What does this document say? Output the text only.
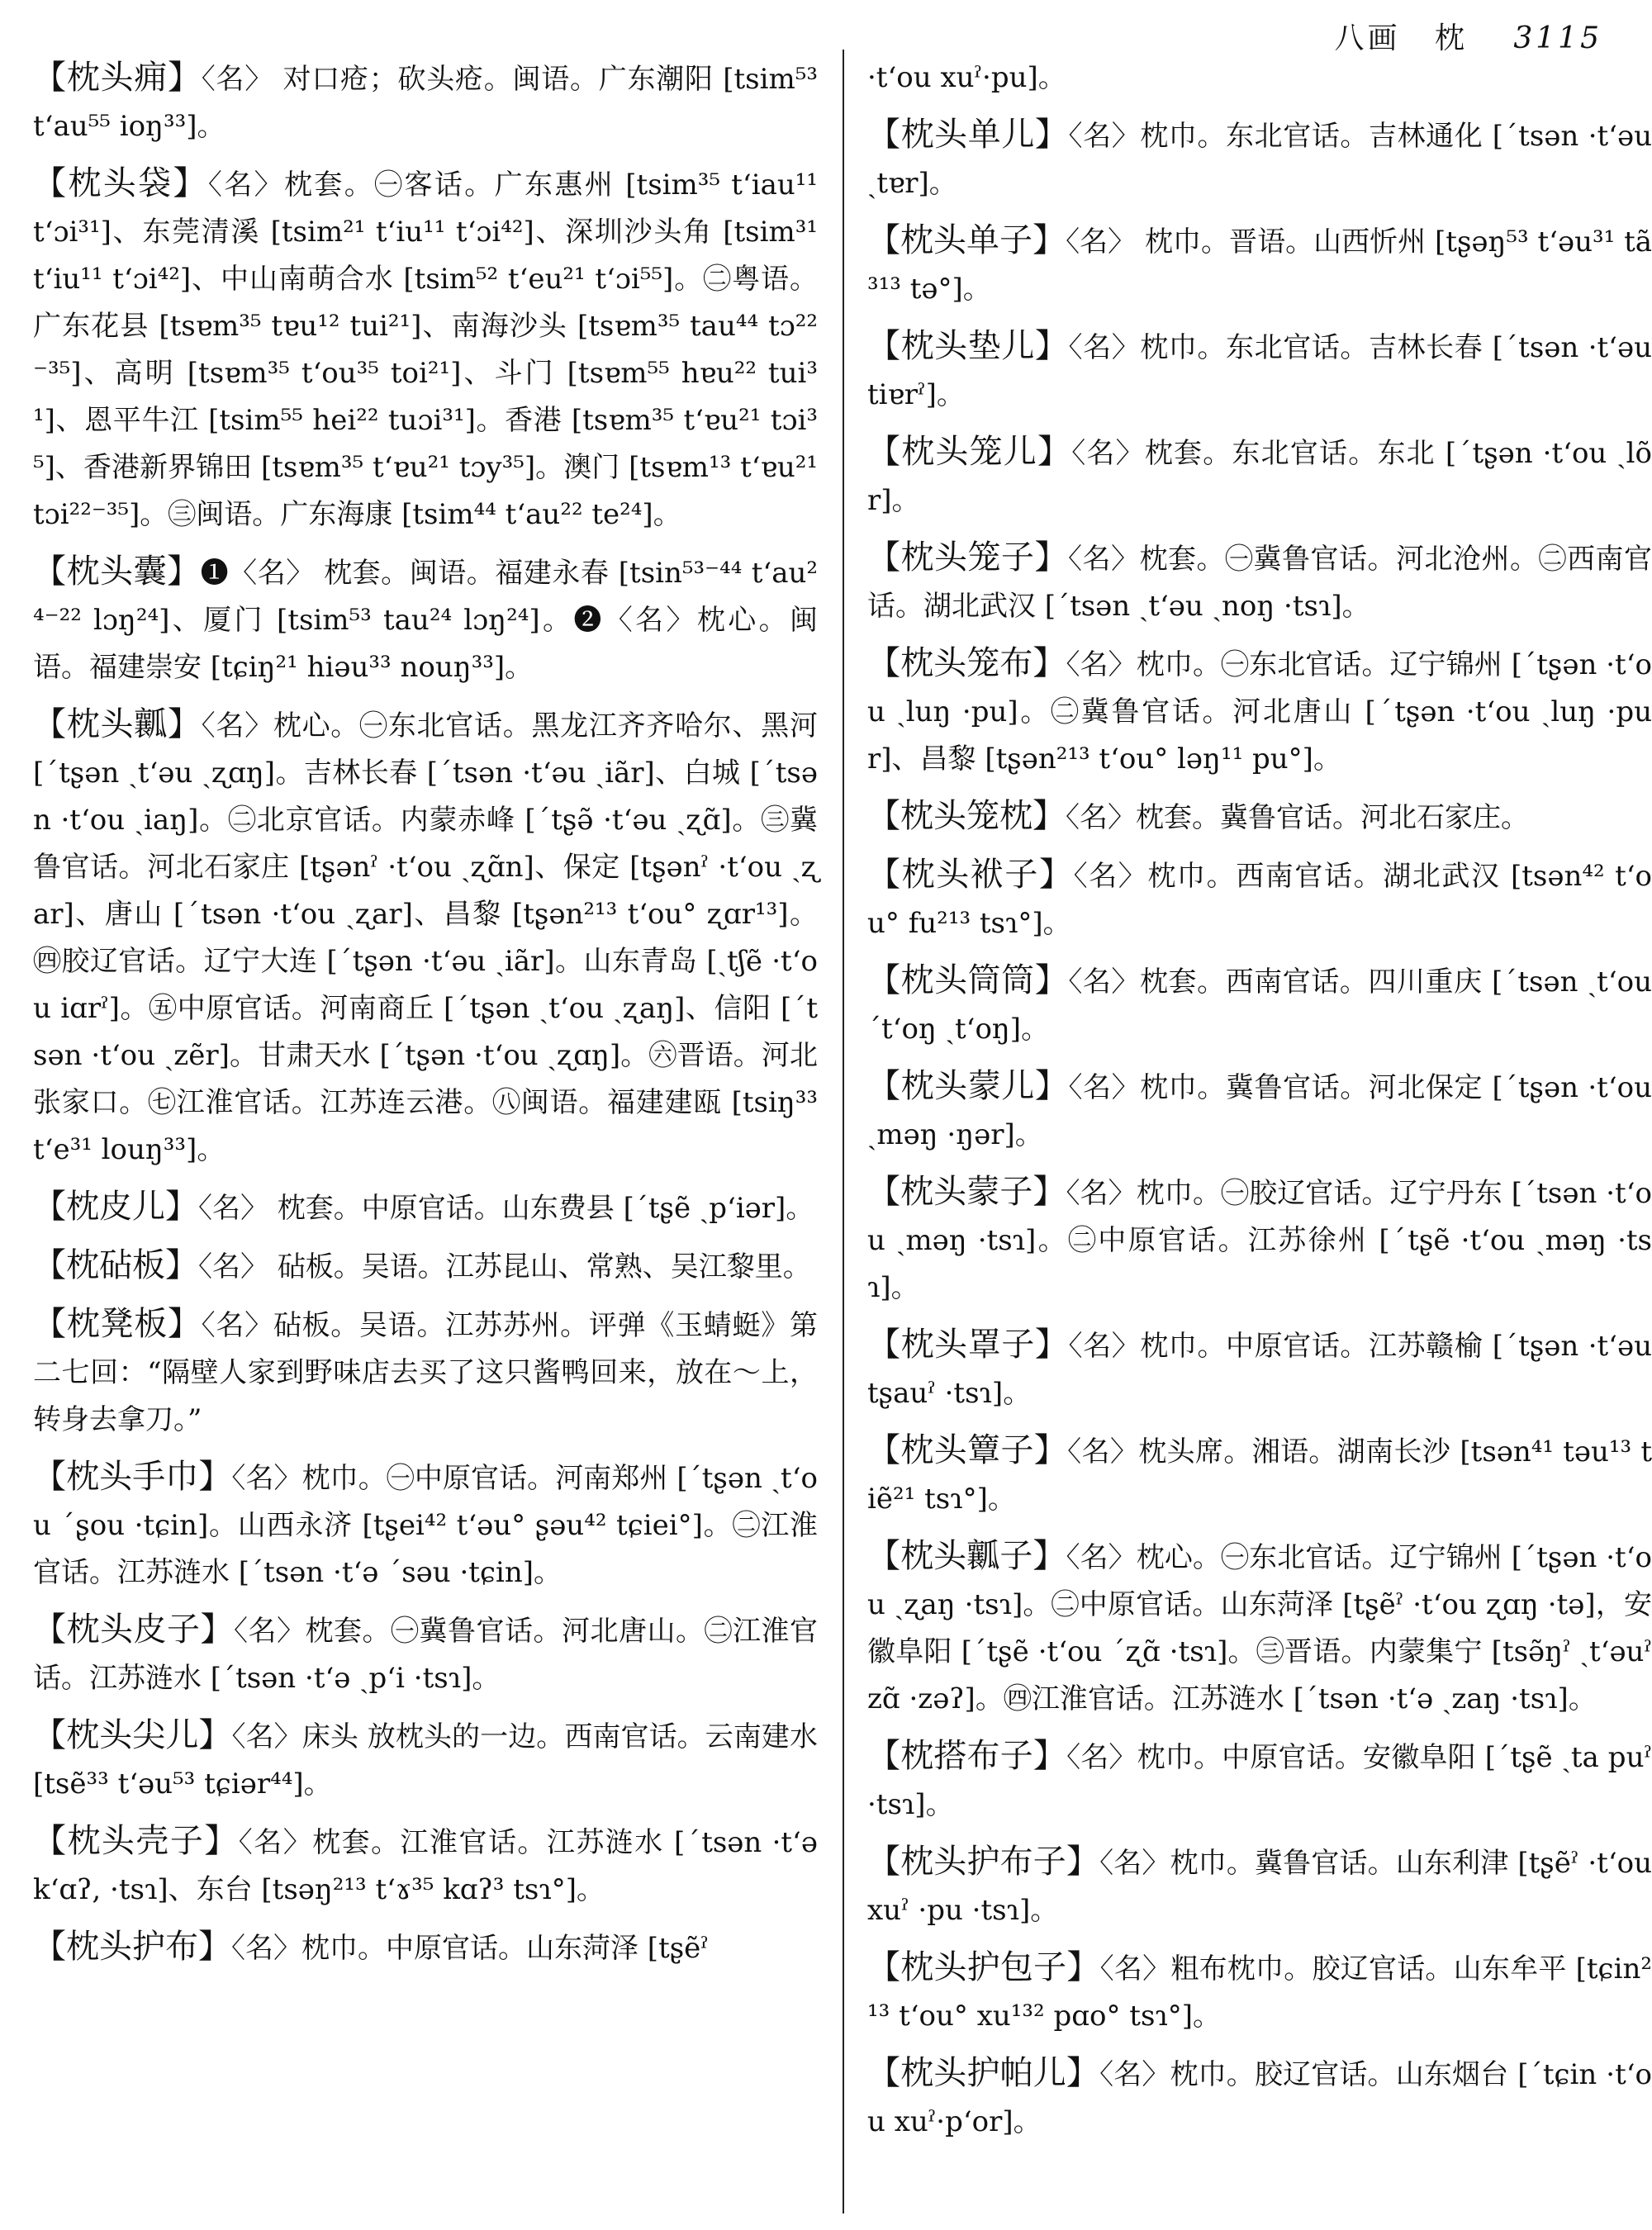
八画 枕 3115
【枕头痈】〈名〉 对口疮；砍头疮。闽语。广东潮阳 [tsim⁵³ t‘au⁵⁵ ioŋ³³]。
【枕头袋】〈名〉枕套。㊀客话。广东惠州 [tsim³⁵ t‘iau¹¹ t‘ɔi³¹]、东莞清溪 [tsim²¹ t‘iu¹¹ t‘ɔi⁴²]、深圳沙头角 [tsim³¹ t‘iu¹¹ t‘ɔi⁴²]、中山南萌合水 [tsim⁵² t‘eu²¹ t‘ɔi⁵⁵]。㊁粤语。广东花县 [tsɐm³⁵ tɐu¹² tui²¹]、南海沙头 [tsɐm³⁵ tau⁴⁴ tɔ²²⁻³⁵]、高明 [tsɐm³⁵ t‘ou³⁵ toi²¹]、斗门 [tsɐm⁵⁵ hɐu²² tui³¹]、恩平牛江 [tsim⁵⁵ hei²² tuɔi³¹]。香港 [tsɐm³⁵ t‘ɐu²¹ tɔi³⁵]、香港新界锦田 [tsɐm³⁵ t‘ɐu²¹ tɔy³⁵]。澳门 [tsɐm¹³ t‘ɐu²¹ tɔi²²⁻³⁵]。㊂闽语。广东海康 [tsim⁴⁴ t‘au²² te²⁴]。
【枕头囊】❶〈名〉 枕套。闽语。福建永春 [tsin⁵³⁻⁴⁴ t‘au²⁴⁻²² lɔŋ²⁴]、厦门 [tsim⁵³ tau²⁴ lɔŋ²⁴]。❷〈名〉枕心。闽语。福建崇安 [tɕiŋ²¹ hiəu³³ nouŋ³³]。
【枕头瓤】〈名〉枕心。㊀东北官话。黑龙江齐齐哈尔、黑河 [ˊtʂən ˏt‘əu ˏʐɑŋ]。吉林长春 [ˊtsən ·t‘əu ˏiãr]、白城 [ˊtsən ·t‘ou ˏiaŋ]。㊁北京官话。内蒙赤峰 [ˊtʂə̃ ·t‘əu ˏʐɑ̃]。㊂冀鲁官话。河北石家庄 [tʂənˀ ·t‘ou ˏʐɑ̃n]、保定 [tʂənˀ ·t‘ou ˏʐar]、唐山 [ˊtsən ·t‘ou ˏʐar]、昌黎 [tʂən²¹³ t‘ou° ʐɑr¹³]。㊃胶辽官话。辽宁大连 [ˊtʂən ·t‘əu ˏiãr]。山东青岛 [ˏtʃẽ ·t‘ou iɑrˀ]。㊄中原官话。河南商丘 [ˊtʂən ˏt‘ou ˏʐaŋ]、信阳 [ˊtsən ·t‘ou ˏzẽr]。甘肃天水 [ˊtʂən ·t‘ou ˏʐɑŋ]。㊅晋语。河北张家口。㊆江淮官话。江苏连云港。㊇闽语。福建建瓯 [tsiŋ³³ t‘e³¹ louŋ³³]。
【枕皮儿】〈名〉 枕套。中原官话。山东费县 [ˊtʂẽ ˏp‘iər]。
【枕砧板】〈名〉 砧板。吴语。江苏昆山、常熟、吴江黎里。
【枕凳板】〈名〉砧板。吴语。江苏苏州。评弹《玉蜻蜓》第二七回：“隔壁人家到野味店去买了这只酱鸭回来，放在～上，转身去拿刀。”
【枕头手巾】〈名〉枕巾。㊀中原官话。河南郑州 [ˊtʂən ˏt‘ou ˊʂou ·tɕin]。山西永济 [tʂei⁴² t‘əu° ʂəu⁴² tɕiei°]。㊁江淮官话。江苏涟水 [ˊtsən ·t‘ə ˊsəu ·tɕin]。
【枕头皮子】〈名〉枕套。㊀冀鲁官话。河北唐山。㊁江淮官话。江苏涟水 [ˊtsən ·t‘ə ˏp‘i ·tsɿ]。
【枕头尖儿】〈名〉床头 放枕头的一边。西南官话。云南建水 [tsẽ³³ t‘əu⁵³ tɕiər⁴⁴]。
【枕头壳子】〈名〉枕套。江淮官话。江苏涟水 [ˊtsən ·t‘ə k‘ɑʔ, ·tsɿ]、东台 [tsəŋ²¹³ t‘ɤ³⁵ kɑʔ³ tsɿ°]。
【枕头护布】〈名〉枕巾。中原官话。山东菏泽 [tʂẽˀ
·t‘ou xuˀ·pu]。
【枕头单儿】〈名〉枕巾。东北官话。吉林通化 [ˊtsən ·t‘əu ˏtɐr]。
【枕头单子】〈名〉 枕巾。晋语。山西忻州 [tʂəŋ⁵³ t‘əu³¹ tã³¹³ tə°]。
【枕头垫儿】〈名〉枕巾。东北官话。吉林长春 [ˊtsən ·t‘əu tiɐrˀ]。
【枕头笼儿】〈名〉枕套。东北官话。东北 [ˊtʂən ·t‘ou ˏlõr]。
【枕头笼子】〈名〉枕套。㊀冀鲁官话。河北沧州。㊁西南官话。湖北武汉 [ˊtsən ˏt‘əu ˏnoŋ ·tsɿ]。
【枕头笼布】〈名〉枕巾。㊀东北官话。辽宁锦州 [ˊtʂən ·t‘ou ˏluŋ ·pu]。㊁冀鲁官话。河北唐山 [ˊtʂən ·t‘ou ˏluŋ ·pur]、昌黎 [tʂən²¹³ t‘ou° ləŋ¹¹ pu°]。
【枕头笼枕】〈名〉枕套。冀鲁官话。河北石家庄。
【枕头袱子】〈名〉枕巾。西南官话。湖北武汉 [tsən⁴² t‘ou° fu²¹³ tsɿ°]。
【枕头筒筒】〈名〉枕套。西南官话。四川重庆 [ˊtsən ˏt‘ou ˊt‘oŋ ˏt‘oŋ]。
【枕头蒙儿】〈名〉枕巾。冀鲁官话。河北保定 [ˊtʂən ·t‘ou ˏməŋ ·ŋər]。
【枕头蒙子】〈名〉枕巾。㊀胶辽官话。辽宁丹东 [ˊtsən ·t‘ou ˏməŋ ·tsɿ]。㊁中原官话。江苏徐州 [ˊtʂẽ ·t‘ou ˏməŋ ·tsɿ]。
【枕头罩子】〈名〉枕巾。中原官话。江苏赣榆 [ˊtʂən ·t‘əu tʂauˀ ·tsɿ]。
【枕头簟子】〈名〉枕头席。湘语。湖南长沙 [tsən⁴¹ təu¹³ tiẽ²¹ tsɿ°]。
【枕头瓤子】〈名〉枕心。㊀东北官话。辽宁锦州 [ˊtʂən ·t‘ou ˏʐaŋ ·tsɿ]。㊁中原官话。山东菏泽 [tʂẽˀ ·t‘ou ʐɑŋ ·tə]，安徽阜阳 [ˊtʂẽ ·t‘ou ˊʐɑ̃ ·tsɿ]。㊂晋语。内蒙集宁 [tsə̃ŋˀ ˏt‘əuˀ zɑ̃ ·zəʔ]。㊃江淮官话。江苏涟水 [ˊtsən ·t‘ə ˏzaŋ ·tsɿ]。
【枕搭布子】〈名〉枕巾。中原官话。安徽阜阳 [ˊtʂẽ ˏta puˀ ·tsɿ]。
【枕头护布子】〈名〉枕巾。冀鲁官话。山东利津 [tʂẽˀ ·t‘ou xuˀ ·pu ·tsɿ]。
【枕头护包子】〈名〉粗布枕巾。胶辽官话。山东牟平 [tɕin²¹³ t‘ou° xu¹³² pɑo° tsɿ°]。
【枕头护帕儿】〈名〉枕巾。胶辽官话。山东烟台 [ˊtɕin ·t‘ou xuˀ·p‘or]。
